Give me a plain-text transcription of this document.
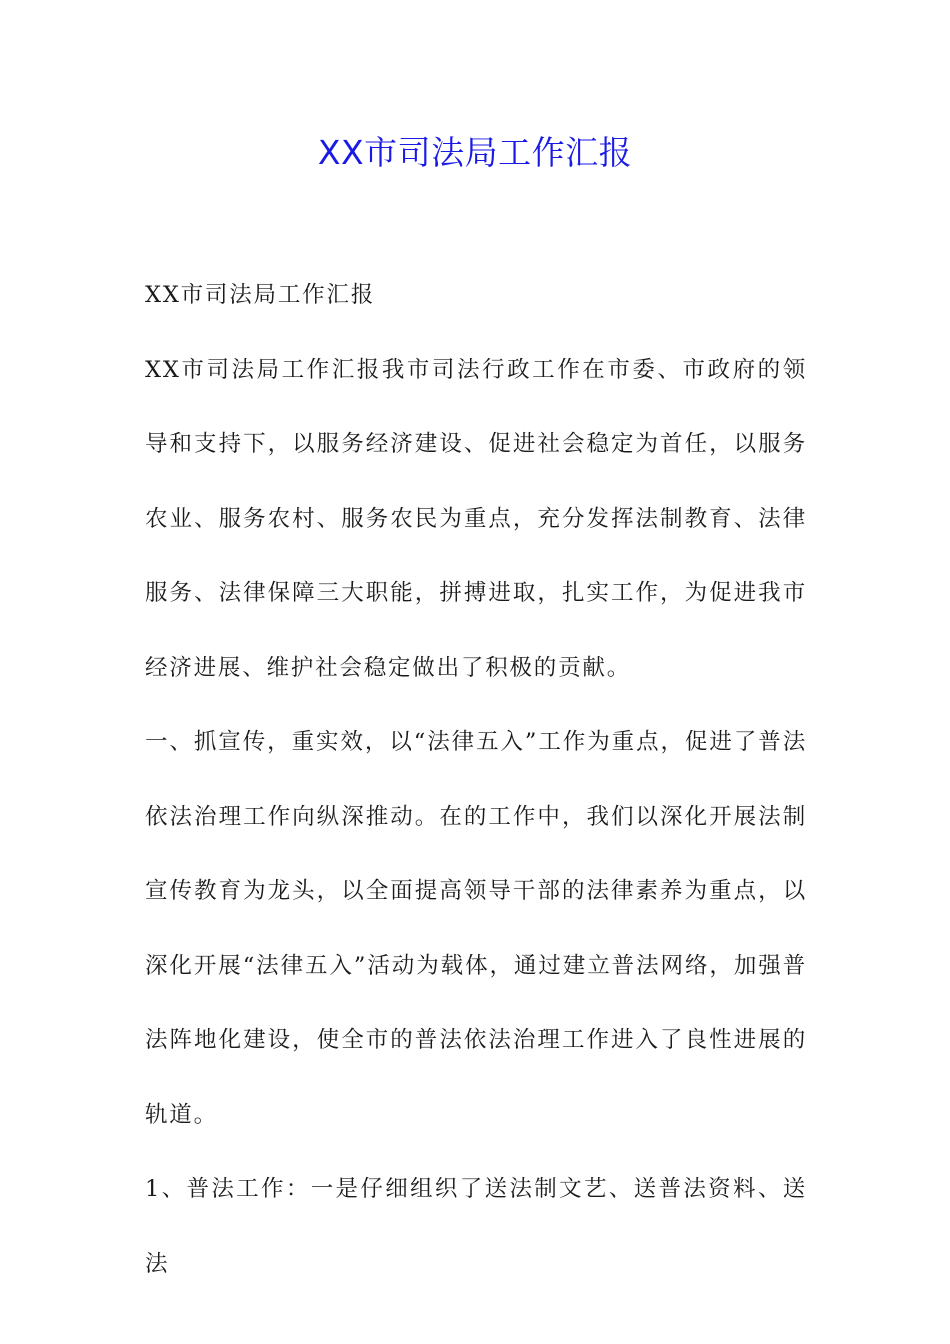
XX市司法局工作汇报

XX市司法局工作汇报

XX市司法局工作汇报我市司法行政工作在市委、市政府的领导和支持下，以服务经济建设、促进社会稳定为首任，以服务农业、服务农村、服务农民为重点，充分发挥法制教育、法律服务、法律保障三大职能，拼搏进取，扎实工作，为促进我市经济进展、维护社会稳定做出了积极的贡献。

一、抓宣传，重实效，以“法律五入”工作为重点，促进了普法依法治理工作向纵深推动。在的工作中，我们以深化开展法制宣传教育为龙头，以全面提高领导干部的法律素养为重点，以深化开展“法律五入”活动为载体，通过建立普法网络，加强普法阵地化建设，使全市的普法依法治理工作进入了良性进展的轨道。

1、普法工作：一是仔细组织了送法制文艺、送普法资料、送法
